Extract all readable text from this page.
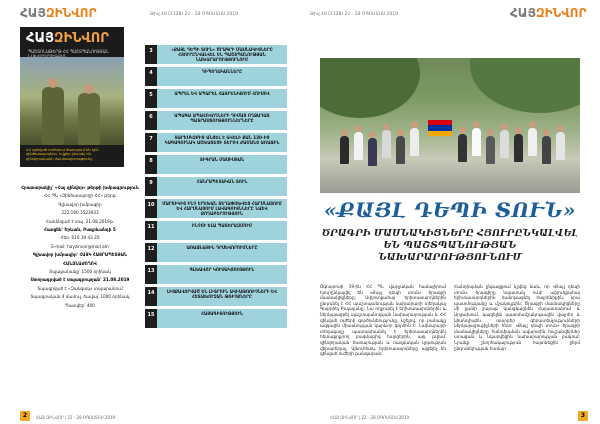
ՀԱՅԶԻՆՎՈՐ	Թիվ 40 (1328) 22 - 28 ՕԳՈՍՏՈՍ 2019
ՀԱՅԶԻՆՎՈՐ
ՊԱՇՏՈՆԱԹԵՐԹ ՀՀ ՊԱՇՏՊԱՆՈՒԹՅԱՆ
ՀՀ զինված ուժերում ծառայում են կին զինծառայողներ, ովքեր ընտրել են զինվորականի մասնագիտությունը

Հրատարակիչ՝ «Հայ զինվոր» թերթի խմբագրություն

ՀՀ ՊՆ «Զինծառայողի ՀՀ» թերթ

Գլխավոր խմբագիր

222.160 1523933

Հանձնված է տպ. 21.08.2019թ.

Հասցեն՝ Երևան, Բագրևանդի 5

Հեռ. 010 39 43 20

E-mail: hayzinvor@mail.am

Գլխավոր խմբագիր՝ ՀԱՅԿ ՀԱՅՐԱՊԵՏՅԱՆ

ՀԱՆՁՆԱԺՈՂՈՎ

Տպաքանակը՝ 1500 օրինակ

Ստորագրված է տպագրության՝ 21.08.2019

Տպագրված է «Զանգակ» տպարանում

Տպագրական 4 մամուլ, ծավալ՝ 1000 օրինակ

Պատվեր՝ 400

3	«ՔԱՅԼ ԴԵՊԻ ՏՈՒՆ» ԾՐԱԳՐԻ ՄԱՍՆԱԿԻՑՆԵՐԸ ՀՅՈՒՐԸՆԿԱԼՎԵԼ ԵՆ ՊԱՇՏՊԱՆՈՒԹՅԱՆ ՆԱԽԱՐԱՐՈՒԹՅՈՒՆՈՒՄ
4	ԴԻՊՈՂԱԿԱՆՆԵՐԸ
5	ԱՊՐԵԼ ԵՎ ԱՊԱՐԵԼ ՀԱՅՐԵՆԻՔՈՒՄ ՀՈՒՍՈՎ
6	ԱՊԱԳԱ ԱՊԱՀՈՎՈՂՆԵՐԻ ԴԻՄԱՑ ՈՂՋԱԴԱՏ ՊԱՏՐԱՍՏՈՒԹՅՈՒՆՆԵՐՆԵՐԸ
7	ՏԱՐԵՍԿԶԲԻՑ ԱՆՑԵԼ Է ԱՎԵԼԻ ՔԱՆ 130-ԻՑ ԿԱԳԱԳՈՒՆԱԿ ԱՇԽԱՏԵՑԻ ՏԵՐՈՎ ԺԱՄԱՆՑ ԱՌԱՋԻՆ
8	ՏԻԳՐԱՆ ՄԱՍԻՍՅԱՆ
9	ՀԱՆՐԱՊԵՏԱԿԱՆ ՏՈՒՆ
10	ՄԱՐՏԻԿԻՑ ԻՆՉ ԵՐԵԽԱՆ ՏԵՂԱՓՈԽՎԵՑ ՀԱՐՍՆԱՑՈՒՄ ԵՎ ՀԱՐՍՆԱՑՈՒՄ ԼԱՎԱԳՈՒՅՆՆԵՐԸ ՆԱԵՎ ՔՈՂԱԲԵՐՈՒԹՅՈՒՆ
11	ԻՆՉՈՒ ԵԼԱ ՊԱՏԵՐԱԶՄՈՒՄ
12	ԱՌԱՋՆԱՅԻՆ ԴՐՍԵՎՈՐՈՒՄՆԵՐԸ
13	ԳԼԽԱՎՈՐ ԿՈՒՍԱԿՑՈՒԹՅՈՒՆ
14	ԼԻՑՔԱՎՈՐՎԱԾ ԵՆ ԼԻՏՐՈՒՆ ԱՎԻԱԹՈՌԻՉՆԵՐԻ ԵՎ ՀԵՏԱԽՈՒԶԱՆ ԹՌԻՉՔՆԵՐԸ
15	ՀԱՅԱԳԻՏՈՒԹՅՈՒՆ
2	ՀԱՅ ԶԻՆՎՈՐ | 22 - 28 ՕԳՈՍՏՈՍ 2019
Թիվ 40 (1328) 22 - 28 ՕԳՈՍՏՈՍ 2019	ՀԱՅԶԻՆՎՈՐ
«ՔԱՅԼ ԴԵՊԻ ՏՈՒՆ»
ԾՐԱԳՐԻ ՄԱՍՆԱԿԻՑՆԵՐԸ ՀՅՈՒՐԸՆԿԱԼՎԵԼ ԵՆ ՊԱՇՏՊԱՆՈՒԹՅԱՆ ՆԱԽԱՐԱՐՈՒԹՅՈՒՆՈՒՄ
Օգոստոսի 19-ին ՀՀ ՊՆ վարչական համալիրում հյուրընկալվել են «Քայլ դեպի տուն» ծրագրի մասնակիցները: Սփյուռքահայ երիտասարդներին ընդունել է ՀՀ պաշտպանության նախարարի տեղակալ Գաբրիել Բալայանը: Նա ողջունել է երիտասարդներին և ներկայացրել պաշտպանության նախարարության և ՀՀ զինված ուժերի գործունեությունը, նշելով, որ բանակը ազգային միասնության կարևոր գործոն է: Նախարարի տեղակալը պատասխանել է երիտասարդներին հետաքրքրող բազմաթիվ հարցերին, այդ թվում՝ զինվորական ծառայության և ռազմական կրթության վերաբերյալ: Այնուհետև երիտասարդները այցելել են զինված ուժերի թանգարան:
Հանդիպման ընթացքում նշվեց նաև, որ «Քայլ դեպի տուն» ծրագիրը նպատակ ունի սփյուռքահայ երիտասարդներին ծանոթացնել հայրենիքին, նրա պատմությանը և մշակույթին: Ծրագրի մասնակիցները մի քանի շաբաթ կանցկացնեն Հայաստանում և Արցախում, կայցելեն պատմամշակութային վայրեր և կհանդիպեն տարբեր գերատեսչությունների ներկայացուցիչների հետ: «Քայլ դեպի տուն» ծրագրի մասնակիցները հանդիպման ավարտին հուշանվերներ ստացան և նկարվեցին նախարարության բակում: Նրանք շնորհակալություն հայտնեցին ջերմ ընդունելության համար:
ՀԱՅ ԶԻՆՎՈՐ | 22 - 28 ՕԳՈՍՏՈՍ 2019	3
